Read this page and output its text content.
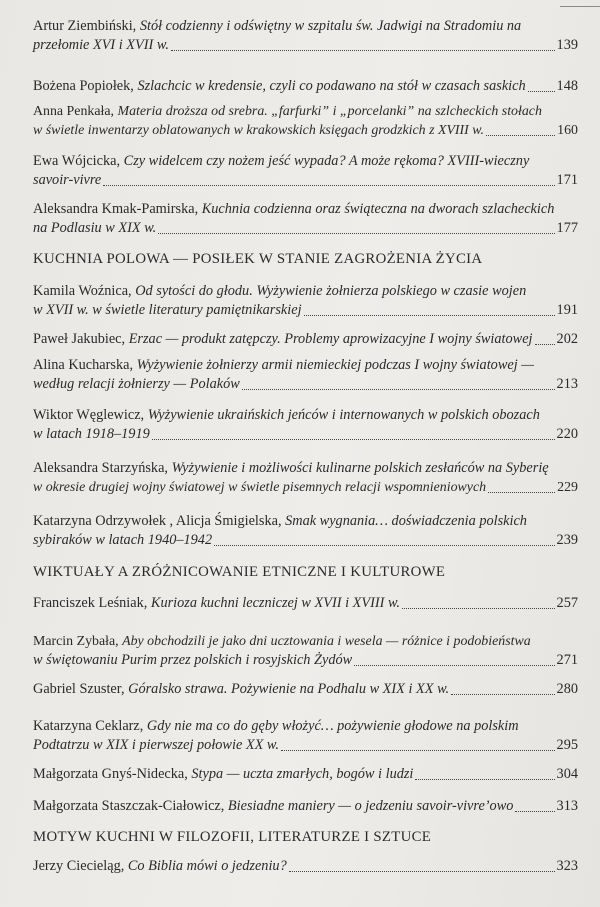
Artur Ziembiński, Stół codzienny i odświętny w szpitalu św. Jadwigi na Stradomiu na
przełomie XVI i XVII w.	139
Bożena Popiołek, Szlachcic w kredensie, czyli co podawano na stół w czasach saskich 148
Anna Penkała, Materia droższa od srebra. „farfurki” i „porcelanki” na szlcheckich stołach
w świetle inwentarzy oblatowanych w krakowskich księgach grodzkich z XVIII w.	160
Ewa Wójcicka, Czy widelcem czy nożem jeść wypada? A może rękoma? XVIII-wieczny
savoir-vivre	171
Aleksandra Kmak-Pamirska, Kuchnia codzienna oraz świąteczna na dworach szlacheckich
na Podlasiu w XIX w.	177
KUCHNIA POLOWA — POSIŁEK W STANIE ZAGROŻENIA ŻYCIA
Kamila Woźnica, Od sytości do głodu. Wyżywienie żołnierza polskiego w czasie wojen
w XVII w. w świetle literatury pamiętnikarskiej	191
Paweł Jakubiec, Erzac — produkt zatępczy. Problemy aprowizacyjne I wojny światowej 202
Alina Kucharska, Wyżywienie żołnierzy armii niemieckiej podczas I wojny światowej —
według relacji żołnierzy — Polaków	213
Wiktor Węglewicz, Wyżywienie ukraińskich jeńców i internowanych w polskich obozach
w latach 1918–1919	220
Aleksandra Starzyńska, Wyżywienie i możliwości kulinarne polskich zesłańców na Syberię
w okresie drugiej wojny światowej w świetle pisemnych relacji wspomnieniowych	229
Katarzyna Odrzywołek , Alicja Śmigielska, Smak wygnania… doświadczenia polskich
sybiraków w latach 1940–1942	239
WIKTUAŁY A ZRÓŻNICOWANIE ETNICZNE I KULTUROWE
Franciszek Leśniak, Kurioza kuchni leczniczej w XVII i XVIII w.	257
Marcin Zybała, Aby obchodzili je jako dni ucztowania i wesela — różnice i podobieństwa
w świętowaniu Purim przez polskich i rosyjskich Żydów	271
Gabriel Szuster, Góralsko strawa. Pożywienie na Podhalu w XIX i XX w.	280
Katarzyna Ceklarz, Gdy nie ma co do gęby włożyć… pożywienie głodowe na polskim
Podtatrzu w XIX i pierwszej połowie XX w.	295
Małgorzata Gnyś-Nidecka, Stypa — uczta zmarłych, bogów i ludzi	304
Małgorzata Staszczak-Ciałowicz, Biesiadne maniery — o jedzeniu savoir-vivre’owo	313
MOTYW KUCHNI W FILOZOFII, LITERATURZE I SZTUCE
Jerzy Ciecieląg, Co Biblia mówi o jedzeniu?	323
